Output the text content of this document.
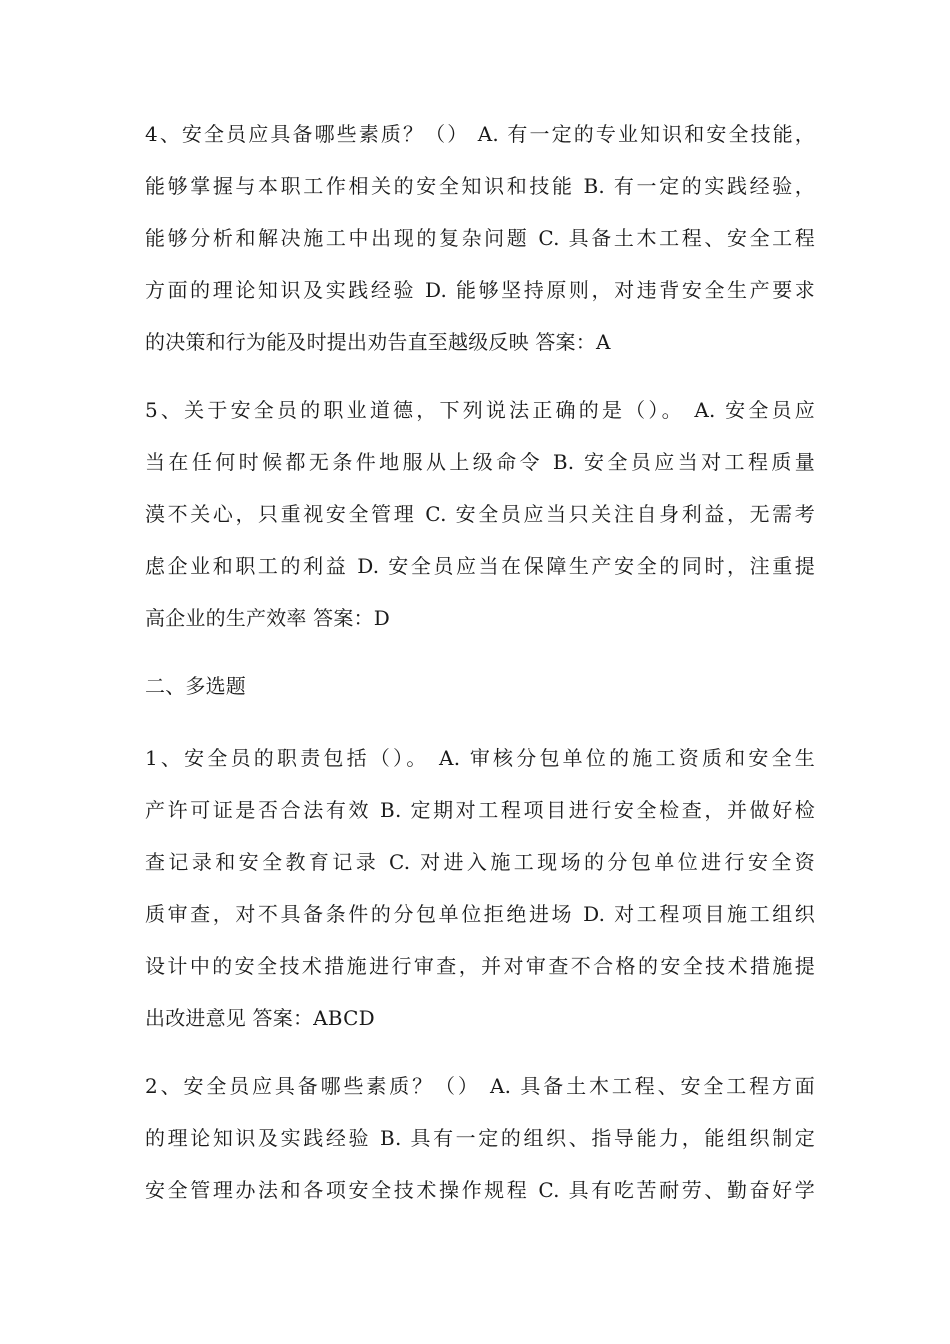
4、安全员应具备哪些素质？（） A. 有一定的专业知识和安全技能，
能够掌握与本职工作相关的安全知识和技能 B. 有一定的实践经验，
能够分析和解决施工中出现的复杂问题 C. 具备土木工程、安全工程
方面的理论知识及实践经验 D. 能够坚持原则，对违背安全生产要求
的决策和行为能及时提出劝告直至越级反映 答案：A
5、关于安全员的职业道德，下列说法正确的是（）。 A. 安全员应
当在任何时候都无条件地服从上级命令 B. 安全员应当对工程质量
漠不关心，只重视安全管理 C. 安全员应当只关注自身利益，无需考
虑企业和职工的利益 D. 安全员应当在保障生产安全的同时，注重提
高企业的生产效率 答案：D
二、多选题
1、安全员的职责包括（）。 A. 审核分包单位的施工资质和安全生
产许可证是否合法有效 B. 定期对工程项目进行安全检查，并做好检
查记录和安全教育记录 C. 对进入施工现场的分包单位进行安全资
质审查，对不具备条件的分包单位拒绝进场 D. 对工程项目施工组织
设计中的安全技术措施进行审查，并对审查不合格的安全技术措施提
出改进意见 答案：ABCD
2、安全员应具备哪些素质？（） A. 具备土木工程、安全工程方面
的理论知识及实践经验 B. 具有一定的组织、指导能力，能组织制定
安全管理办法和各项安全技术操作规程 C. 具有吃苦耐劳、勤奋好学
